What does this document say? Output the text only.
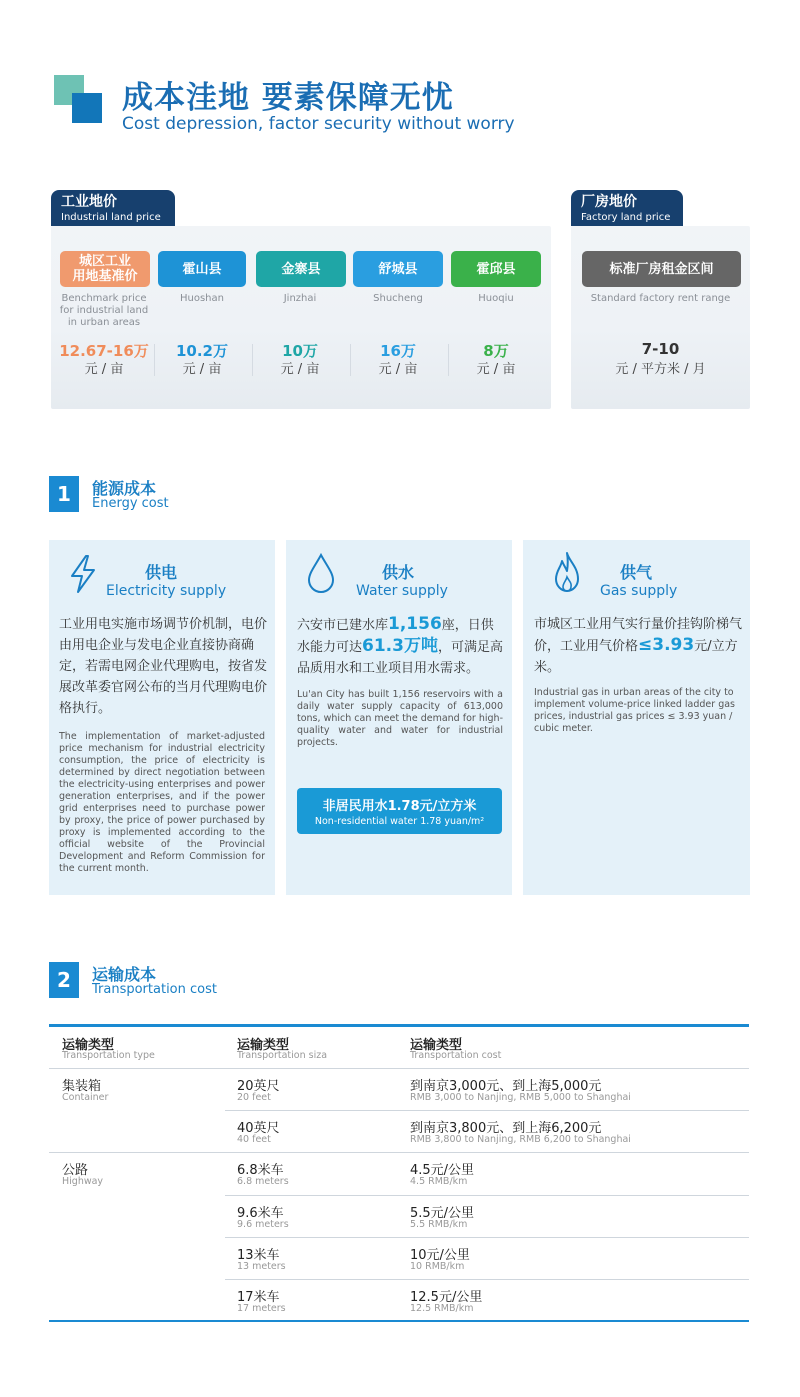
成本洼地 要素保障无忧
Cost depression, factor security without worry
工业地价
Industrial land price
城区工业
用地基准价
Benchmark price
for industrial land
in urban areas
12.67-16万
元 / 亩
霍山县
Huoshan
10.2万
元 / 亩
金寨县
Jinzhai
10万
元 / 亩
舒城县
Shucheng
16万
元 / 亩
霍邱县
Huoqiu
8万
元 / 亩
厂房地价
Factory land price
标准厂房租金区间
Standard factory rent range
7-10
元 / 平方米 / 月
1	能源成本
Energy cost
供电
Electricity supply
工业用电实施市场调节价机制，电价由用电企业与发电企业直接协商确定，若需电网企业代理购电，按省发展改革委官网公布的当月代理购电价格执行。
The implementation of market-adjusted price mechanism for industrial electricity consumption, the price of electricity is determined by direct negotiation between the electricity-using enterprises and power generation enterprises, and if the power grid enterprises need to purchase power by proxy, the price of power purchased by proxy is implemented according to the official website of the Provincial Development and Reform Commission for the current month.
供水
Water supply
六安市已建水库1,156座，日供水能力可达61.3万吨，可满足高品质用水和工业项目用水需求。
Lu'an City has built 1,156 reservoirs with a daily water supply capacity of 613,000 tons, which can meet the demand for high-quality water and water for industrial projects.
非居民用水1.78元/立方米
Non-residential water 1.78 yuan/m²
供气
Gas supply
市城区工业用气实行量价挂钩阶梯气价，工业用气价格≤3.93元/立方米。
Industrial gas in urban areas of the city to implement volume-price linked ladder gas prices, industrial gas prices ≤ 3.93 yuan / cubic meter.
2	运输成本
Transportation cost
运输类型
Transportation type
运输类型
Transportation siza
运输类型
Transportation cost
集装箱
Container
20英尺
20 feet
到南京3,000元、到上海5,000元
RMB 3,000 to Nanjing, RMB 5,000 to Shanghai
40英尺
40 feet
到南京3,800元、到上海6,200元
RMB 3,800 to Nanjing, RMB 6,200 to Shanghai
公路
Highway
6.8米车
6.8 meters
4.5元/公里
4.5 RMB/km
9.6米车
9.6 meters
5.5元/公里
5.5 RMB/km
13米车
13 meters
10元/公里
10 RMB/km
17米车
17 meters
12.5元/公里
12.5 RMB/km
